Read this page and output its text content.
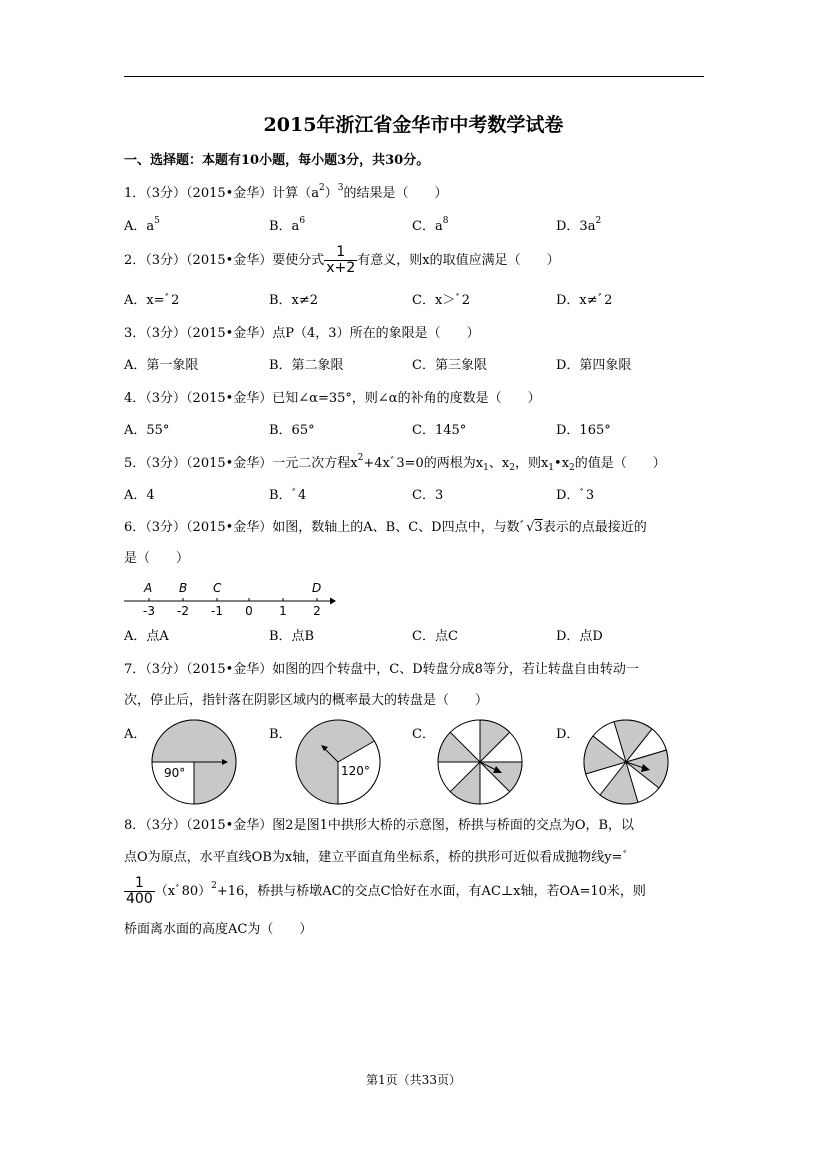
2015年浙江省金华市中考数学试卷
一、选择题：本题有10小题，每小题3分，共30分。
1．（3分）（2015•金华）计算$(a^2)^3$的结果是（　　）
A．$a^5$	B．$a^6$	C．$a^8$	D．$3a^2$
2．（3分）（2015•金华）要使分式 $\frac{1}{x+2}$ 有意义，则x的取值应满足（　　）
A．x=ﾞ2	B．x≠2	C．x＞ﾞ2	D．x≠ﾞ2
3．（3分）（2015•金华）点P（4，3）所在的象限是（　　）
A．第一象限	B．第二象限	C．第三象限	D．第四象限
4．（3分）（2015•金华）已知∠α=35°，则∠α的补角的度数是（　　）
A．55°	B．65°	C．145°	D．165°
5．（3分）（2015•金华）一元二次方程$x^2+4x$ﾞ3=0的两根为$x_1$、$x_2$，则$x_1•x_2$的值是（　　）
A．4	B．ﾞ4	C．3	D．ﾞ3
6．（3分）（2015•金华）如图，数轴上的A、B、C、D四点中，与数ﾞ√3表示的点最接近的
是（　　）
A B C	D
-3 -2 -1 0 1 2
A．点A	B．点B	C．点C	D．点D
7．（3分）（2015•金华）如图的四个转盘中，C、D转盘分成8等分，若让转盘自由转动一
次，停止后，指针落在阴影区域内的概率最大的转盘是（　　）
A．	B．	C．	D．
90°	120°
8．（3分）（2015•金华）图2是图1中拱形大桥的示意图，桥拱与桥面的交点为O，B，以
点O为原点，水平直线OB为x轴，建立平面直角坐标系，桥的拱形可近似看成抛物线y=ﾞ
$\frac{1}{400} (x$ﾞ80）$^2$+16，桥拱与桥墩AC的交点C恰好在水面，有AC⊥x轴，若OA=10米，则
桥面离水面的高度AC为（　　）
第1页（共33页）
